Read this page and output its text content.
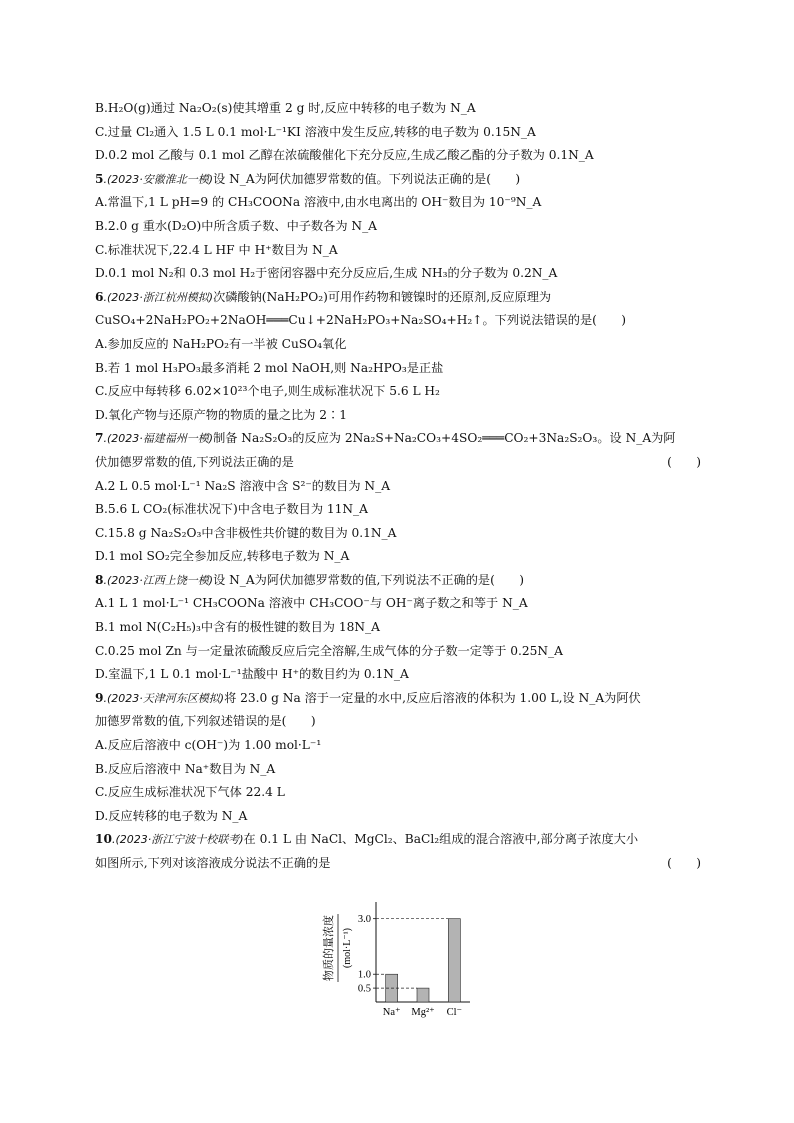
B.H₂O(g)通过 Na₂O₂(s)使其增重 2 g 时,反应中转移的电子数为 N_A
C.过量 Cl₂通入 1.5 L 0.1 mol·L⁻¹KI 溶液中发生反应,转移的电子数为 0.15N_A
D.0.2 mol 乙酸与 0.1 mol 乙醇在浓硫酸催化下充分反应,生成乙酸乙酯的分子数为 0.1N_A
5.(2023·安徽淮北一模)设 N_A为阿伏加德罗常数的值。下列说法正确的是(　　)
A.常温下,1 L pH=9 的 CH₃COONa 溶液中,由水电离出的 OH⁻数目为 10⁻⁹N_A
B.2.0 g 重水(D₂O)中所含质子数、中子数各为 N_A
C.标准状况下,22.4 L HF 中 H⁺数目为 N_A
D.0.1 mol N₂和 0.3 mol H₂于密闭容器中充分反应后,生成 NH₃的分子数为 0.2N_A
6.(2023·浙江杭州模拟)次磷酸钠(NaH₂PO₂)可用作药物和镀镍时的还原剂,反应原理为
CuSO₄+2NaH₂PO₂+2NaOH═══Cu↓+2NaH₂PO₃+Na₂SO₄+H₂↑。下列说法错误的是(　　)
A.参加反应的 NaH₂PO₂有一半被 CuSO₄氧化
B.若 1 mol H₃PO₃最多消耗 2 mol NaOH,则 Na₂HPO₃是正盐
C.反应中每转移 6.02×10²³个电子,则生成标准状况下 5.6 L H₂
D.氧化产物与还原产物的物质的量之比为 2∶1
7.(2023·福建福州一模)制备 Na₂S₂O₃的反应为 2Na₂S+Na₂CO₃+4SO₂═══CO₂+3Na₂S₂O₃。设 N_A为阿
伏加德罗常数的值,下列说法正确的是	(　　)
A.2 L 0.5 mol·L⁻¹ Na₂S 溶液中含 S²⁻的数目为 N_A
B.5.6 L CO₂(标准状况下)中含电子数目为 11N_A
C.15.8 g Na₂S₂O₃中含非极性共价键的数目为 0.1N_A
D.1 mol SO₂完全参加反应,转移电子数为 N_A
8.(2023·江西上饶一模)设 N_A为阿伏加德罗常数的值,下列说法不正确的是(　　)
A.1 L 1 mol·L⁻¹ CH₃COONa 溶液中 CH₃COO⁻与 OH⁻离子数之和等于 N_A
B.1 mol N(C₂H₅)₃中含有的极性键的数目为 18N_A
C.0.25 mol Zn 与一定量浓硫酸反应后完全溶解,生成气体的分子数一定等于 0.25N_A
D.室温下,1 L 0.1 mol·L⁻¹盐酸中 H⁺的数目约为 0.1N_A
9.(2023·天津河东区模拟)将 23.0 g Na 溶于一定量的水中,反应后溶液的体积为 1.00 L,设 N_A为阿伏
加德罗常数的值,下列叙述错误的是(　　)
A.反应后溶液中 c(OH⁻)为 1.00 mol·L⁻¹
B.反应后溶液中 Na⁺数目为 N_A
C.反应生成标准状况下气体 22.4 L
D.反应转移的电子数为 N_A
10.(2023·浙江宁波十校联考)在 0.1 L 由 NaCl、MgCl₂、BaCl₂组成的混合溶液中,部分离子浓度大小
如图所示,下列对该溶液成分说法不正确的是	(　　)
物质的量浓度 (mol·L⁻¹)
0.5
1.0
3.0
Na⁺ Mg²⁺ Cl⁻
